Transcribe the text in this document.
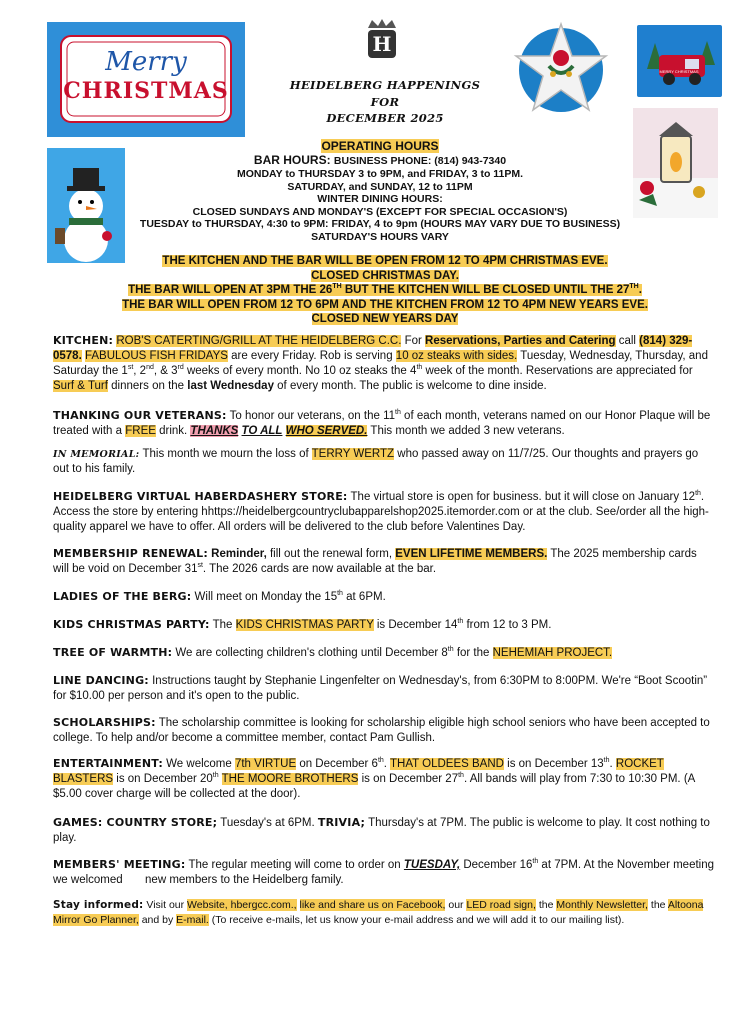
Merry
CHRISTMAS
H
HEIDELBERG HAPPENINGS
FOR
DECEMBER 2025
MERRY CHRISTMAS
OPERATING HOURS
BAR HOURS: BUSINESS PHONE: (814) 943-7340
MONDAY to THURSDAY 3 to 9PM, and FRIDAY, 3 to 11PM.
SATURDAY, and SUNDAY, 12 to 11PM
WINTER DINING HOURS:
CLOSED SUNDAYS AND MONDAY'S (EXCEPT FOR SPECIAL OCCASION'S)
TUESDAY to THURSDAY, 4:30 to 9PM: FRIDAY, 4 to 9pm (HOURS MAY VARY DUE TO BUSINESS)
SATURDAY'S HOURS VARY
THE KITCHEN AND THE BAR WILL BE OPEN FROM 12 TO 4PM CHRISTMAS EVE.
CLOSED CHRISTMAS DAY.
THE BAR WILL OPEN AT 3PM THE 26TH BUT THE KITCHEN WILL BE CLOSED UNTIL THE 27TH.
THE BAR WILL OPEN FROM 12 TO 6PM AND THE KITCHEN FROM 12 TO 4PM NEW YEARS EVE.
CLOSED NEW YEARS DAY
KITCHEN: ROB'S CATERTING/GRILL AT THE HEIDELBERG C.C. For Reservations, Parties and Catering call (814) 329-0578. FABULOUS FISH FRIDAYS are every Friday. Rob is serving 10 oz steaks with sides. Tuesday, Wednesday, Thursday, and Saturday the 1st, 2nd, & 3rd weeks of every month. No 10 oz steaks the 4th week of the month. Reservations are appreciated for Surf & Turf dinners on the last Wednesday of every month. The public is welcome to dine inside.
THANKING OUR VETERANS: To honor our veterans, on the 11th of each month, veterans named on our Honor Plaque will be treated with a FREE drink. THANKS TO ALL WHO SERVED. This month we added 3 new veterans.
IN MEMORIAL: This month we mourn the loss of TERRY WERTZ who passed away on 11/7/25. Our thoughts and prayers go out to his family.
HEIDELBERG VIRTUAL HABERDASHERY STORE: The virtual store is open for business. but it will close on January 12th. Access the store by entering hhttps://heidelbergcountryclubapparelshop2025.itemorder.com or at the club. See/order all the high-quality apparel we have to offer. All orders will be delivered to the club before Valentines Day.
MEMBERSHIP RENEWAL: Reminder, fill out the renewal form, EVEN LIFETIME MEMBERS. The 2025 membership cards will be void on December 31st. The 2026 cards are now available at the bar.
LADIES OF THE BERG: Will meet on Monday the 15th at 6PM.
KIDS CHRISTMAS PARTY: The KIDS CHRISTMAS PARTY is December 14th from 12 to 3 PM.
TREE OF WARMTH: We are collecting children's clothing until December 8th for the NEHEMIAH PROJECT.
LINE DANCING: Instructions taught by Stephanie Lingenfelter on Wednesday's, from 6:30PM to 8:00PM. We're “Boot Scootin” for $10.00 per person and it's open to the public.
SCHOLARSHIPS: The scholarship committee is looking for scholarship eligible high school seniors who have been accepted to college. To help and/or become a committee member, contact Pam Gullish.
ENTERTAINMENT: We welcome 7th VIRTUE on December 6th. THAT OLDEES BAND is on December 13th. ROCKET BLASTERS is on December 20th THE MOORE BROTHERS is on December 27th. All bands will play from 7:30 to 10:30 PM. (A $5.00 cover charge will be collected at the door).
GAMES: COUNTRY STORE; Tuesday's at 6PM. TRIVIA; Thursday's at 7PM. The public is welcome to play. It cost nothing to play.
MEMBERS' MEETING: The regular meeting will come to order on TUESDAY, December 16th at 7PM. At the November meeting we welcomed       new members to the Heidelberg family.
Stay informed: Visit our Website, hbergcc.com., like and share us on Facebook, our LED road sign, the Monthly Newsletter, the Altoona Mirror Go Planner, and by E-mail. (To receive e-mails, let us know your e-mail address and we will add it to our mailing list).
